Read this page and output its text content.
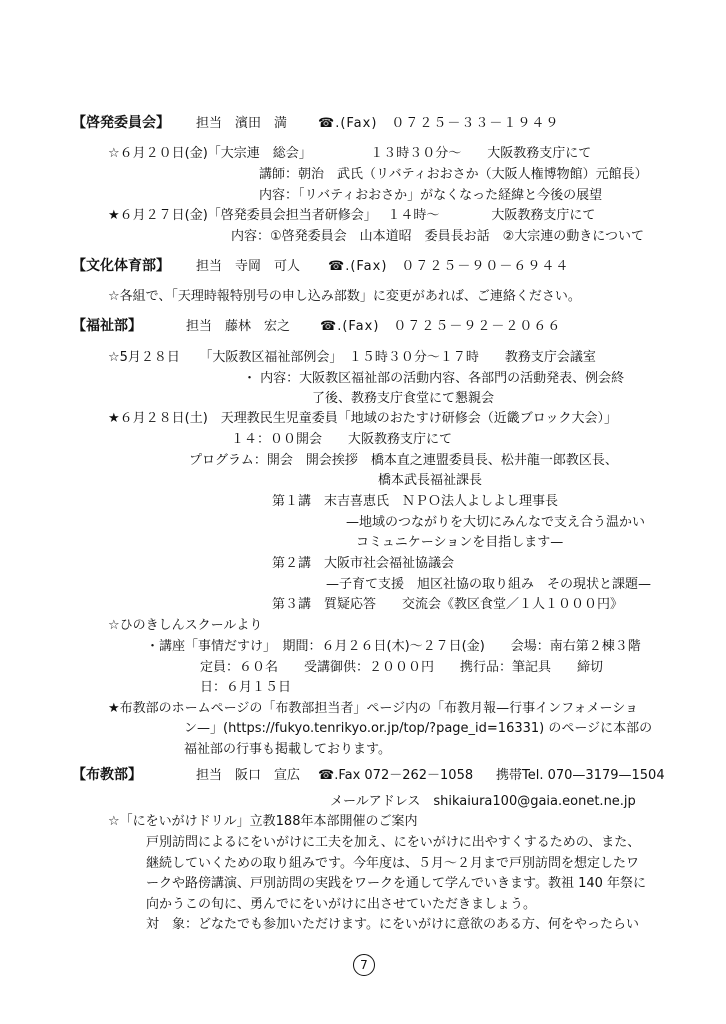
【啓発委員会】 担当　濱田　満 ☎.(Fax)　０７２５－３３－１９４９
☆６月２０日(金)「大宗連　総会」　　　　　１３時３０分～　　大阪教務支庁にて
講師：朝治　武氏（リバティおおさか（大阪人権博物館）元館長）
内容：「リバティおおさか」がなくなった経緯と今後の展望
★６月２７日(金)「啓発委員会担当者研修会」　 １４時～　　　　大阪教務支庁にて
内容：①啓発委員会　山本道昭　委員長お話　②大宗連の動きについて
【文化体育部】 担当　寺岡　可人 ☎.(Fax)　０７２５－９０－６９４４
☆各組で、「天理時報特別号の申し込み部数」に変更があれば、ご連絡ください。
【福祉部】	担当　藤林　宏之 ☎.(Fax)　０７２５－９２－２０６６
☆5月２８日　　「大阪教区福祉部例会」　１５時３０分～１７時　　教務支庁会議室
・ 内容：大阪教区福祉部の活動内容、各部門の活動発表、例会終
了後、教務支庁食堂にて懇親会
★６月２８日(土)　天理教民生児童委員「地域のおたすけ研修会（近畿ブロック大会）」
１４：００開会　　大阪教務支庁にて
プログラム：開会　開会挨拶　橋本直之連盟委員長、松井龍一郎教区長、
橋本武長福祉課長
第１講　末吉喜恵氏　ＮＰＯ法人よしよし理事長
—地域のつながりを大切にみんなで支え合う温かい
コミュニケーションを目指します—
第２講　大阪市社会福祉協議会
—子育て支援　旭区社協の取り組み　その現状と課題—
第３講　質疑応答　　交流会《教区食堂／１人１０００円》
☆ひのきしんスクールより
・講座「事情だすけ」　期間：６月２６日(木)～２７日(金)　　会場：南右第２棟３階
定員：６０名　　受講御供：２０００円　　携行品：筆記具　　締切
日：６月１５日
★布教部のホームページの「布教部担当者」ページ内の「布教月報—行事インフォメーショ
ン—」(https://fukyo.tenrikyo.or.jp/top/?page_id=16331) のページに本部の
福祉部の行事も掲載しております。
【布教部】	担当　阪口　宣広 ☎.Fax 072－262－1058 携帯Tel. 070—3179—1504
メールアドレス　shikaiura100@gaia.eonet.ne.jp
☆「にをいがけドリル」立教188年本部開催のご案内
戸別訪問によるにをいがけに工夫を加え、にをいがけに出やすくするための、また、
継続していくための取り組みです。今年度は、５月～２月まで戸別訪問を想定したワ
ークや路傍講演、戸別訪問の実践をワークを通して学んでいきます。教祖 140 年祭に
向かうこの旬に、勇んでにをいがけに出させていただきましょう。
対　象：どなたでも参加いただけます。にをいがけに意欲のある方、何をやったらい
7
